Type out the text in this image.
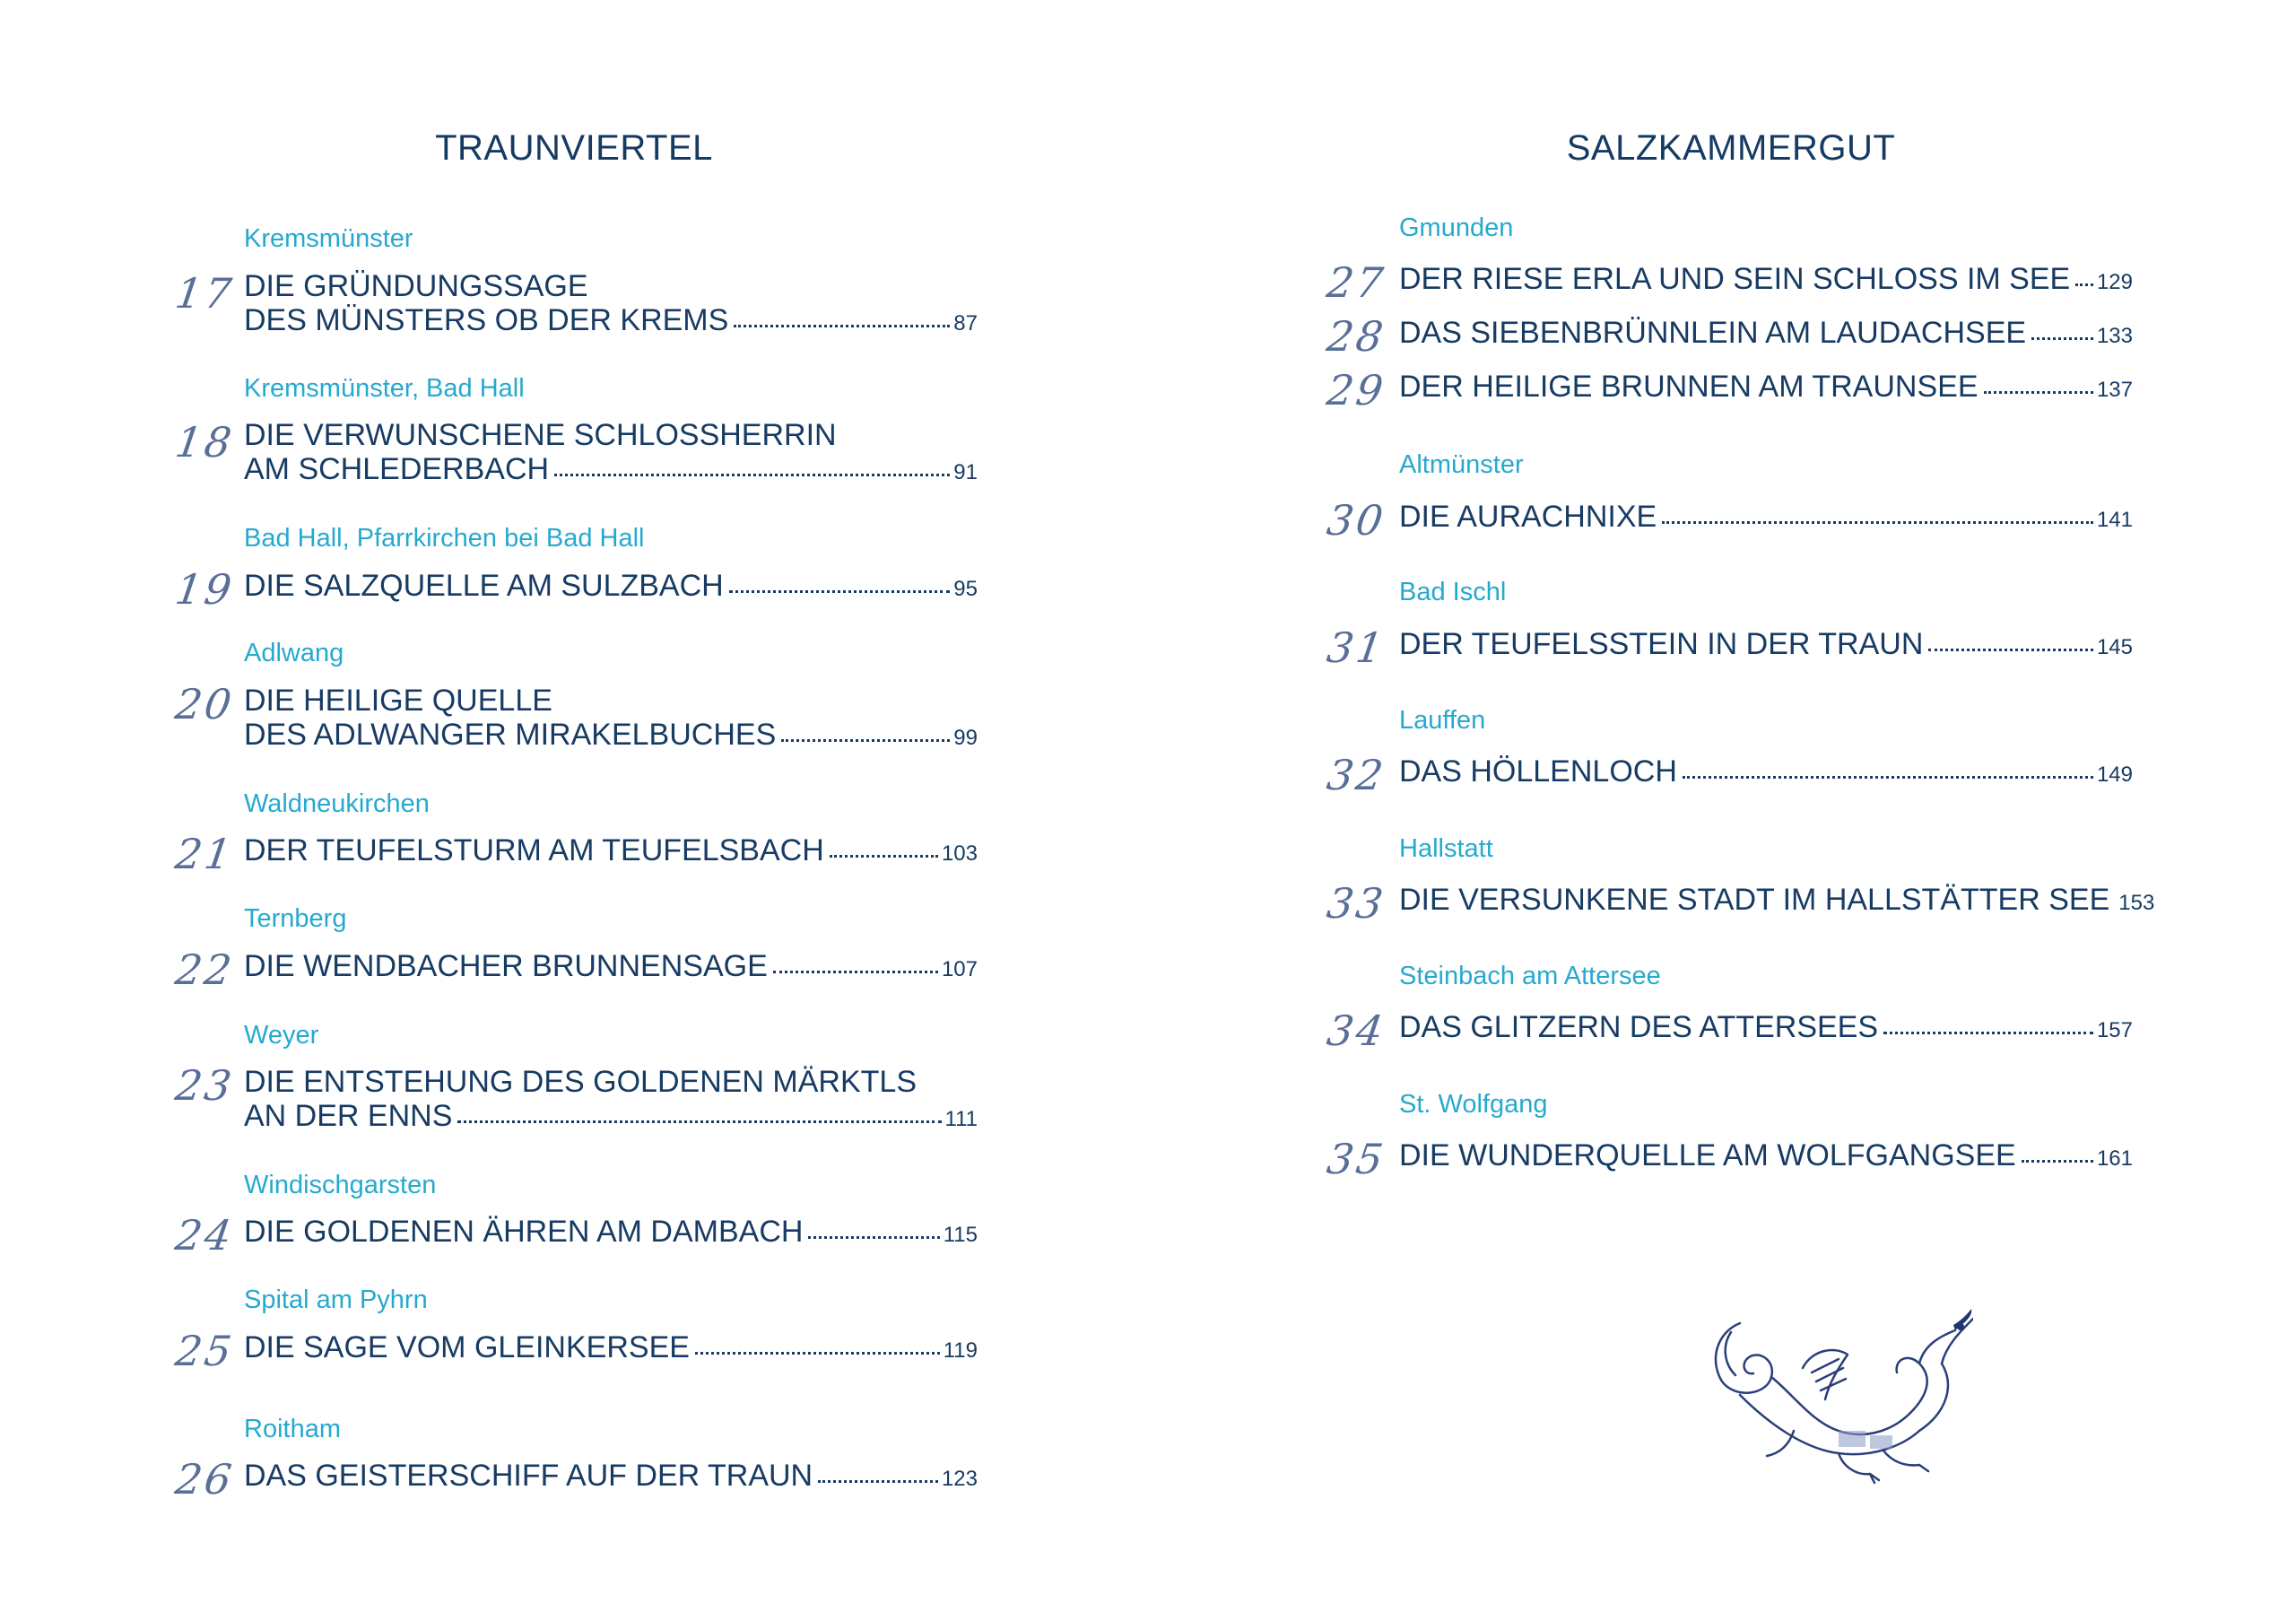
TRAUNVIERTEL
Kremsmünster
17 DIE GRÜNDUNGSSAGE
DES MÜNSTERS OB DER KREMS	87
Kremsmünster, Bad Hall
18 DIE VERWUNSCHENE SCHLOSSHERRIN
AM SCHLEDERBACH	91
Bad Hall, Pfarrkirchen bei Bad Hall
19 DIE SALZQUELLE AM SULZBACH	95
Adlwang
20 DIE HEILIGE QUELLE
DES ADLWANGER MIRAKELBUCHES	99
Waldneukirchen
21 DER TEUFELSTURM AM TEUFELSBACH	103
Ternberg
22 DIE WENDBACHER BRUNNENSAGE	107
Weyer
23 DIE ENTSTEHUNG DES GOLDENEN MÄRKTLS
AN DER ENNS	111
Windischgarsten
24 DIE GOLDENEN ÄHREN AM DAMBACH	115
Spital am Pyhrn
25 DIE SAGE VOM GLEINKERSEE	119
Roitham
26 DAS GEISTERSCHIFF AUF DER TRAUN	123
SALZKAMMERGUT
Gmunden
27 DER RIESE ERLA UND SEIN SCHLOSS IM SEE 129
28 DAS SIEBENBRÜNNLEIN AM LAUDACHSEE	133
29 DER HEILIGE BRUNNEN AM TRAUNSEE	137
Altmünster
30 DIE AURACHNIXE	141
Bad Ischl
31 DER TEUFELSSTEIN IN DER TRAUN	145
Lauffen
32 DAS HÖLLENLOCH	149
Hallstatt
33 DIE VERSUNKENE STADT IM HALLSTÄTTER SEE 153
Steinbach am Attersee
34 DAS GLITZERN DES ATTERSEES	157
St. Wolfgang
35 DIE WUNDERQUELLE AM WOLFGANGSEE	161
